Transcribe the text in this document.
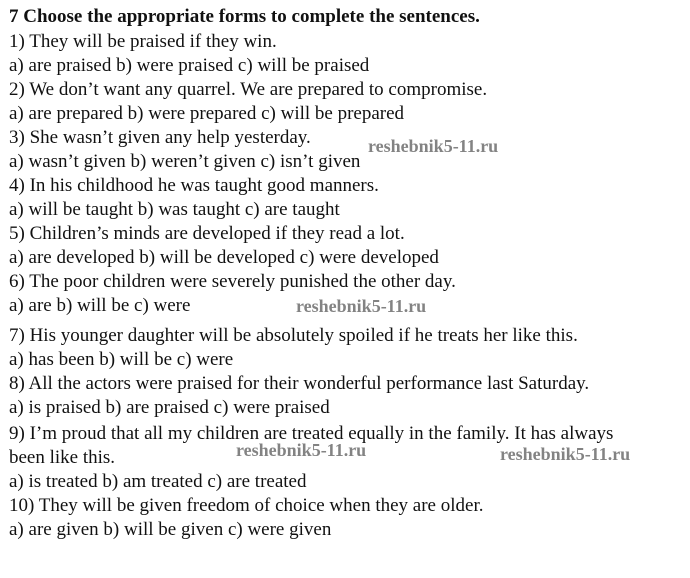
7 Choose the appropriate forms to complete the sentences.
1) They will be praised if they win.
a) are praised b) were praised c) will be praised
2) We don’t want any quarrel. We are prepared to compromise.
a) are prepared b) were prepared c) will be prepared
3) She wasn’t given any help yesterday.
a) wasn’t given b) weren’t given c) isn’t given
4) In his childhood he was taught good manners.
a) will be taught b) was taught c) are taught
5) Children’s minds are developed if they read a lot.
a) are developed b) will be developed c) were developed
6) The poor children were severely punished the other day.
a) are b) will be c) were
7) His younger daughter will be absolutely spoiled if he treats her like this.
a) has been b) will be c) were
8) All the actors were praised for their wonderful performance last Saturday.
a) is praised b) are praised c) were praised
9) I’m proud that all my children are treated equally in the family. It has always
been like this.
a) is treated b) am treated c) are treated
10) They will be given freedom of choice when they are older.
a) are given b) will be given c) were given
reshebnik5-11.ru
reshebnik5-11.ru
reshebnik5-11.ru	reshebnik5-11.ru
